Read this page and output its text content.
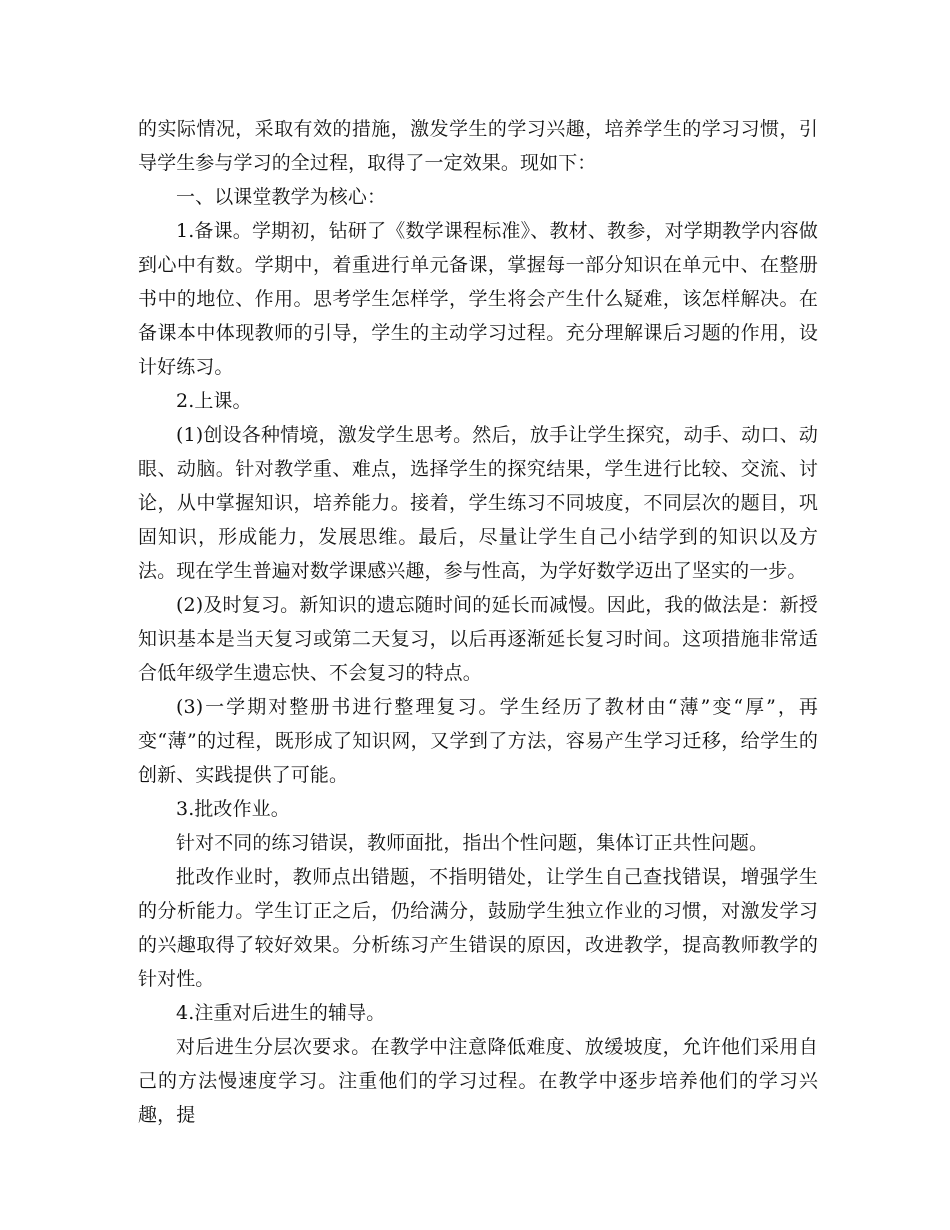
的实际情况，采取有效的措施，激发学生的学习兴趣，培养学生的学习习惯，引导学生参与学习的全过程，取得了一定效果。现如下：

一、以课堂教学为核心：

1.备课。学期初，钻研了《数学课程标准》、教材、教参，对学期教学内容做到心中有数。学期中，着重进行单元备课，掌握每一部分知识在单元中、在整册书中的地位、作用。思考学生怎样学，学生将会产生什么疑难，该怎样解决。在备课本中体现教师的引导，学生的主动学习过程。充分理解课后习题的作用，设计好练习。

2.上课。

(1)创设各种情境，激发学生思考。然后，放手让学生探究，动手、动口、动眼、动脑。针对教学重、难点，选择学生的探究结果，学生进行比较、交流、讨论，从中掌握知识，培养能力。接着，学生练习不同坡度，不同层次的题目，巩固知识，形成能力，发展思维。最后，尽量让学生自己小结学到的知识以及方法。现在学生普遍对数学课感兴趣，参与性高，为学好数学迈出了坚实的一步。

(2)及时复习。新知识的遗忘随时间的延长而减慢。因此，我的做法是：新授知识基本是当天复习或第二天复习，以后再逐渐延长复习时间。这项措施非常适合低年级学生遗忘快、不会复习的特点。

(3)一学期对整册书进行整理复习。学生经历了教材由“薄”变“厚”，再变“薄”的过程，既形成了知识网，又学到了方法，容易产生学习迁移，给学生的创新、实践提供了可能。

3.批改作业。

针对不同的练习错误，教师面批，指出个性问题，集体订正共性问题。

批改作业时，教师点出错题，不指明错处，让学生自己查找错误，增强学生的分析能力。学生订正之后，仍给满分，鼓励学生独立作业的习惯，对激发学习的兴趣取得了较好效果。分析练习产生错误的原因，改进教学，提高教师教学的针对性。

4.注重对后进生的辅导。

对后进生分层次要求。在教学中注意降低难度、放缓坡度，允许他们采用自己的方法慢速度学习。注重他们的学习过程。在教学中逐步培养他们的学习兴趣，提
